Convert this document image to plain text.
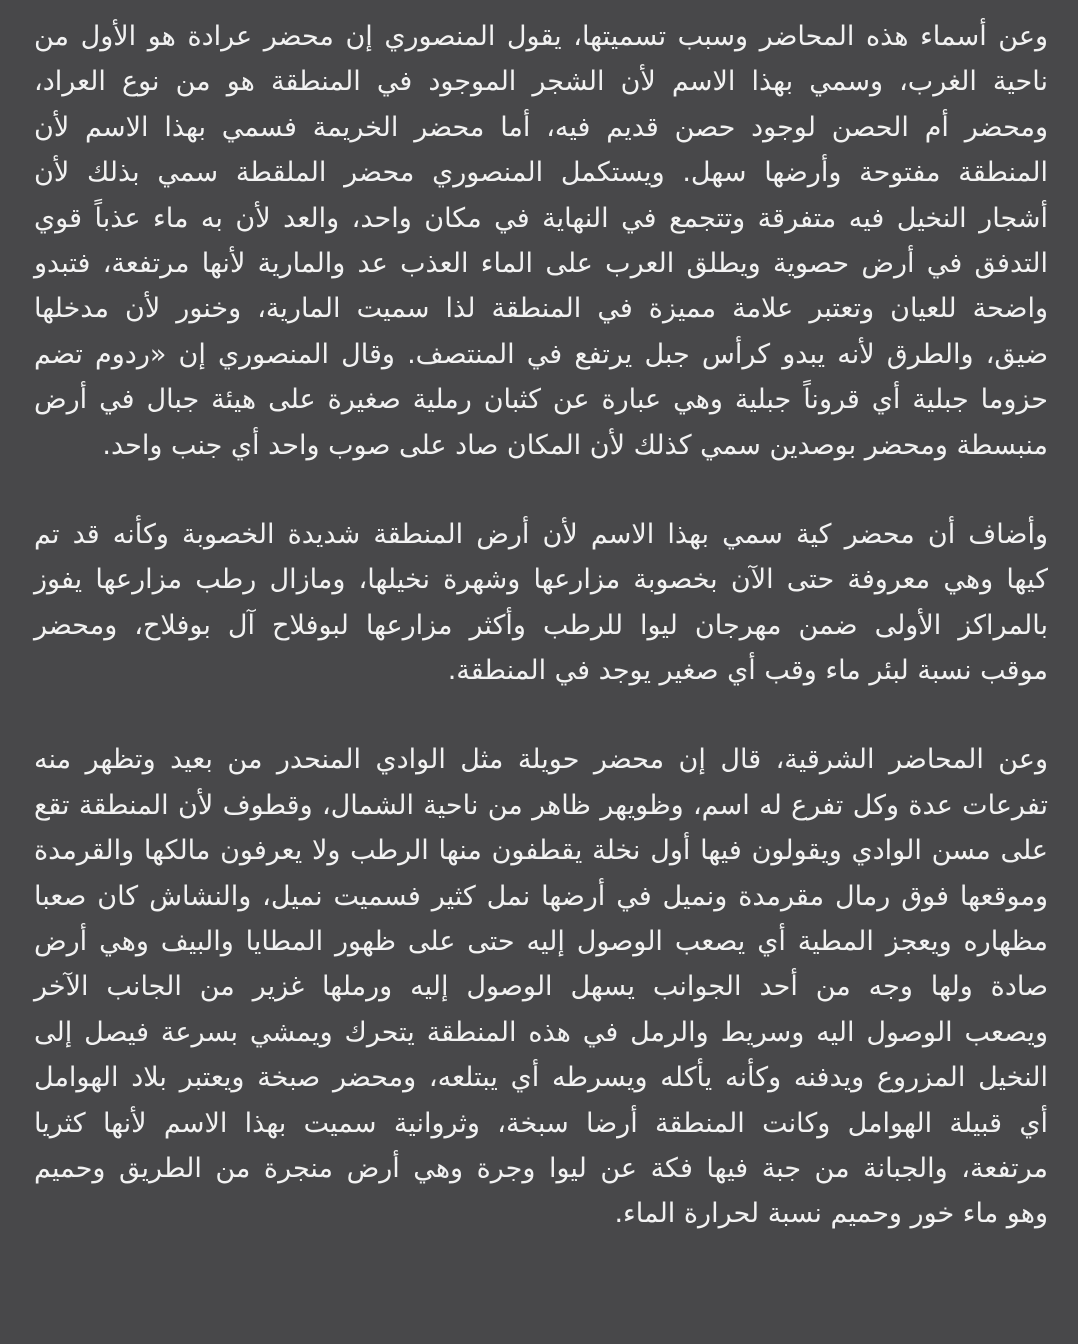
وعن أسماء هذه المحاضر وسبب تسميتها، يقول المنصوري إن محضر عرادة هو الأول من
ناحية الغرب، وسمي بهذا الاسم لأن الشجر الموجود في المنطقة هو من نوع العراد،
ومحضر أم الحصن لوجود حصن قديم فيه، أما محضر الخريمة فسمي بهذا الاسم لأن
المنطقة مفتوحة وأرضها سهل. ويستكمل المنصوري محضر الملقطة سمي بذلك لأن
أشجار النخيل فيه متفرقة وتتجمع في النهاية في مكان واحد، والعد لأن به ماء عذباً قوي
التدفق في أرض حصوية ويطلق العرب على الماء العذب عد والمارية لأنها مرتفعة، فتبدو
واضحة للعيان وتعتبر علامة مميزة في المنطقة لذا سميت المارية، وخنور لأن مدخلها
ضيق، والطرق لأنه يبدو كرأس جبل يرتفع في المنتصف. وقال المنصوري إن «ردوم تضم
حزوما جبلية أي قروناً جبلية وهي عبارة عن كثبان رملية صغيرة على هيئة جبال في أرض
منبسطة ومحضر بوصدين سمي كذلك لأن المكان صاد على صوب واحد أي جنب واحد.
وأضاف أن محضر كية سمي بهذا الاسم لأن أرض المنطقة شديدة الخصوبة وكأنه قد تم
كيها وهي معروفة حتى الآن بخصوبة مزارعها وشهرة نخيلها، ومازال رطب مزارعها يفوز
بالمراكز الأولى ضمن مهرجان ليوا للرطب وأكثر مزارعها لبوفلاح آل بوفلاح، ومحضر
موقب نسبة لبئر ماء وقب أي صغير يوجد في المنطقة.
وعن المحاضر الشرقية، قال إن محضر حويلة مثل الوادي المنحدر من بعيد وتظهر منه
تفرعات عدة وكل تفرع له اسم، وظويهر ظاهر من ناحية الشمال، وقطوف لأن المنطقة تقع
على مسن الوادي ويقولون فيها أول نخلة يقطفون منها الرطب ولا يعرفون مالكها والقرمدة
وموقعها فوق رمال مقرمدة ونميل في أرضها نمل كثير فسميت نميل، والنشاش كان صعبا
مظهاره ويعجز المطية أي يصعب الوصول إليه حتى على ظهور المطايا والبيف وهي أرض
صادة ولها وجه من أحد الجوانب يسهل الوصول إليه ورملها غزير من الجانب الآخر
ويصعب الوصول اليه وسريط والرمل في هذه المنطقة يتحرك ويمشي بسرعة فيصل إلى
النخيل المزروع ويدفنه وكأنه يأكله ويسرطه أي يبتلعه، ومحضر صبخة ويعتبر بلاد الهوامل
أي قبيلة الهوامل وكانت المنطقة أرضا سبخة، وثروانية سميت بهذا الاسم لأنها كثريا
مرتفعة، والجبانة من جبة فيها فكة عن ليوا وجرة وهي أرض منجرة من الطريق وحميم
وهو ماء خور وحميم نسبة لحرارة الماء.
